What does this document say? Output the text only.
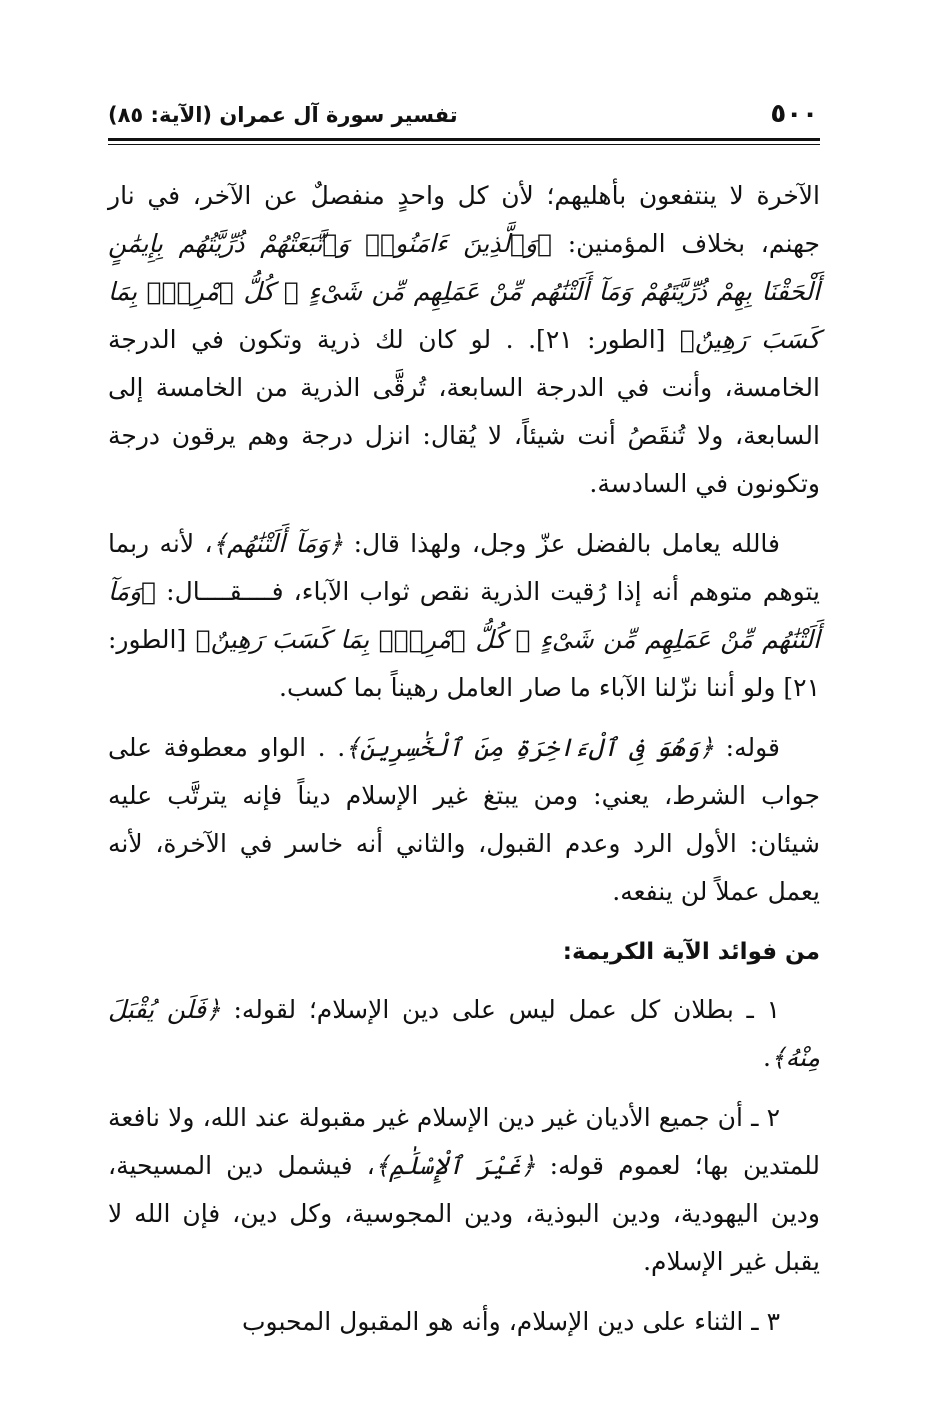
٥٠٠
تفسير سورة آل عمران (الآية: ٨٥)

الآخرة لا ينتفعون بأهليهم؛ لأن كل واحدٍ منفصلٌ عن الآخر، في نار جهنم، بخلاف المؤمنين: ﴿وَٱلَّذِينَ ءَامَنُوا۟ وَٱتَّبَعَتْهُمْ ذُرِّيَّتُهُم بِإِيمَٰنٍ أَلْحَقْنَا بِهِمْ ذُرِّيَّتَهُمْ وَمَآ أَلَتْنَٰهُم مِّنْ عَمَلِهِم مِّن شَىْءٍ ۚ كُلُّ ٱمْرِئٍۭ بِمَا كَسَبَ رَهِينٌ﴾ [الطور: ٢١]. . لو كان لك ذرية وتكون في الدرجة الخامسة، وأنت في الدرجة السابعة، تُرقَّى الذرية من الخامسة إلى السابعة، ولا تُنقَصُ أنت شيئاً، لا يُقال: انزل درجة وهم يرقون درجة وتكونون في السادسة.

فالله يعامل بالفضل عزّ وجل، ولهذا قال: ﴿وَمَآ أَلَتْنَٰهُم﴾، لأنه ربما يتوهم متوهم أنه إذا رُقيت الذرية نقص ثواب الآباء، فــــقــــال: ﴿وَمَآ أَلَتْنَٰهُم مِّنْ عَمَلِهِم مِّن شَىْءٍ ۚ كُلُّ ٱمْرِئٍۭ بِمَا كَسَبَ رَهِينٌ﴾ [الطور: ٢١] ولو أننا نزّلنا الآباء ما صار العامل رهيناً بما كسب.

قوله: ﴿وَهُوَ فِى ٱلْءَاخِرَةِ مِنَ ٱلْخَٰسِرِينَ﴾. . الواو معطوفة على جواب الشرط، يعني: ومن يبتغ غير الإسلام ديناً فإنه يترتَّب عليه شيئان: الأول الرد وعدم القبول، والثاني أنه خاسر في الآخرة، لأنه يعمل عملاً لن ينفعه.

من فوائد الآية الكريمة:

١ ـ بطلان كل عمل ليس على دين الإسلام؛ لقوله: ﴿فَلَن يُقْبَلَ مِنْهُ﴾.

٢ ـ أن جميع الأديان غير دين الإسلام غير مقبولة عند الله، ولا نافعة للمتدين بها؛ لعموم قوله: ﴿غَيْرَ ٱلْإِسْلَٰمِ﴾، فيشمل دين المسيحية، ودين اليهودية، ودين البوذية، ودين المجوسية، وكل دين، فإن الله لا يقبل غير الإسلام.

٣ ـ الثناء على دين الإسلام، وأنه هو المقبول المحبوب
